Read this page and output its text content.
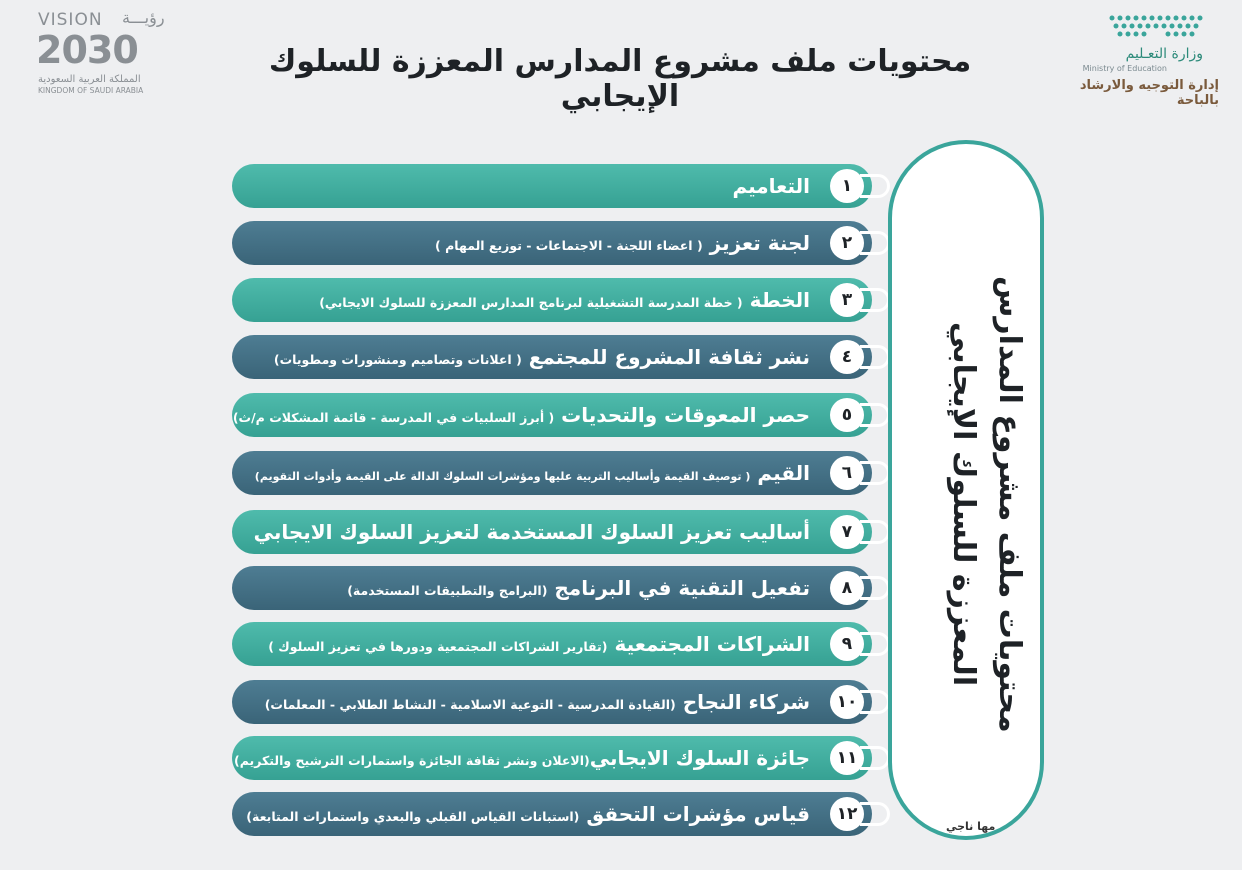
VISION رؤيـــة
2030
المملكة العربية السعودية
KINGDOM OF SAUDI ARABIA
محتويات ملف مشروع المدارس المعززة للسلوك الإيجابي
وزارة التعـليم
Ministry of Education
إدارة التوجيه والارشاد بالباحة
١
التعاميم
٢
لجنة تعزيز ( اعضاء اللجنة - الاجتماعات - توزيع المهام )
٣
الخطة ( خطة المدرسة التشغيلية لبرنامج المدارس المعززة للسلوك الايجابي)
٤
نشر ثقافة المشروع للمجتمع ( اعلانات وتصاميم ومنشورات ومطويات)
٥
حصر المعوقات والتحديات ( أبرز السلبيات في المدرسة - قائمة المشكلات م/ث)
٦
القيم ( توصيف القيمة وأساليب التربية عليها ومؤشرات السلوك الدالة على القيمة وأدوات التقويم)
٧
أساليب تعزيز السلوك المستخدمة لتعزيز السلوك الايجابي
٨
تفعيل التقنية في البرنامج (البرامج والتطبيقات المستخدمة)
٩
الشراكات المجتمعية (تقارير الشراكات المجتمعية ودورها في تعزيز السلوك )
١٠
شركاء النجاح (القيادة المدرسية - التوعية الاسلامية - النشاط الطلابي - المعلمات)
١١
جائزة السلوك الايجابي(الاعلان ونشر ثقافة الجائزة واستمارات الترشيح والتكريم)
١٢
قياس مؤشرات التحقق (استبانات القياس القبلي والبعدي واستمارات المتابعة)
محتويات ملف مشروع المدارس المعززة للسلوك الإيجابي
مها ناجي
